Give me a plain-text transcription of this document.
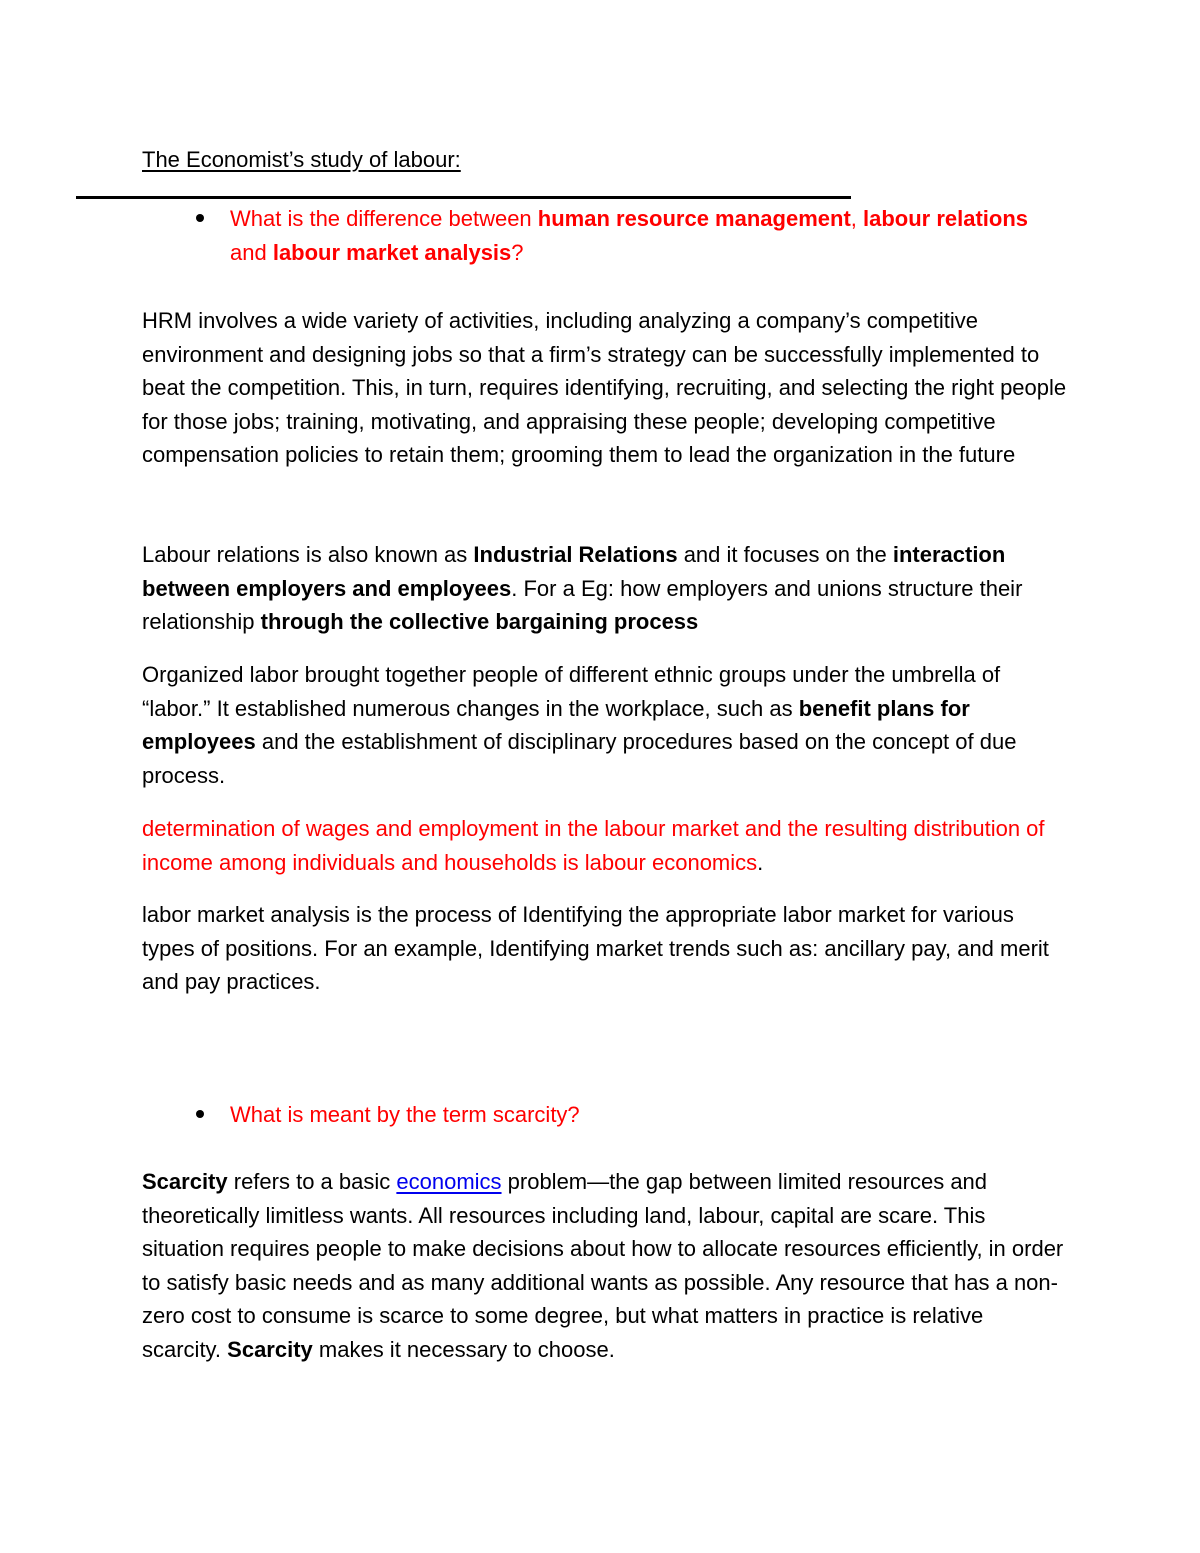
The Economist’s study of labour:
What is the difference between human resource management, labour relations and labour market analysis?

HRM involves a wide variety of activities, including analyzing a company’s competitive environment and designing jobs so that a firm’s strategy can be successfully implemented to beat the competition. This, in turn, requires identifying, recruiting, and selecting the right people for those jobs; training, motivating, and appraising these people; developing competitive compensation policies to retain them; grooming them to lead the organization in the future

Labour relations is also known as Industrial Relations and it focuses on the interaction between employers and employees. For a Eg: how employers and unions structure their relationship through the collective bargaining process

Organized labor brought together people of different ethnic groups under the umbrella of “labor.” It established numerous changes in the workplace, such as benefit plans for employees and the establishment of disciplinary procedures based on the concept of due process.

determination of wages and employment in the labour market and the resulting distribution of income among individuals and households is labour economics.

labor market analysis is the process of Identifying the appropriate labor market for various types of positions. For an example, Identifying market trends such as: ancillary pay, and merit and pay practices.

What is meant by the term scarcity?

Scarcity refers to a basic economics problem—the gap between limited resources and theoretically limitless wants. All resources including land, labour, capital are scare. This situation requires people to make decisions about how to allocate resources efficiently, in order to satisfy basic needs and as many additional wants as possible. Any resource that has a non-zero cost to consume is scarce to some degree, but what matters in practice is relative scarcity. Scarcity makes it necessary to choose.
